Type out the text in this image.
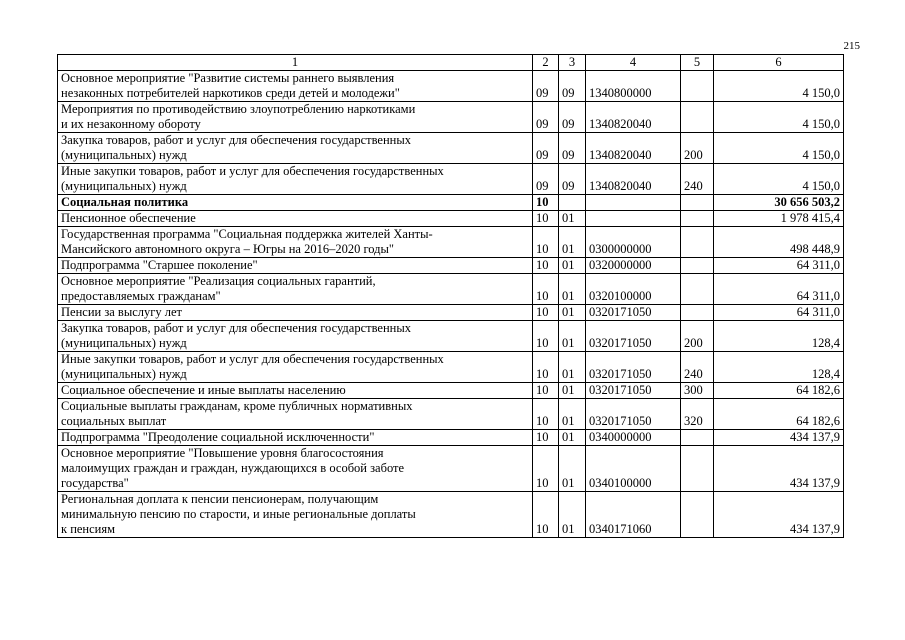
215
1	2	3	4	5	6

Основное мероприятие "Развитие системы раннего выявления
незаконных потребителей наркотиков среди детей и молодежи"	09	09	1340800000		4 150,0

Мероприятия по противодействию злоупотреблению наркотиками
и их незаконному обороту	09	09	1340820040		4 150,0

Закупка товаров, работ и услуг для обеспечения государственных
(муниципальных) нужд	09	09	1340820040	200	4 150,0

Иные закупки товаров, работ и услуг для обеспечения государственных
(муниципальных) нужд	09	09	1340820040	240	4 150,0

Социальная политика	10				30 656 503,2

Пенсионное обеспечение	10	01			1 978 415,4

Государственная программа "Социальная поддержка жителей Ханты-
Мансийского автономного округа – Югры на 2016–2020 годы"	10	01	0300000000		498 448,9

Подпрограмма "Старшее поколение"	10	01	0320000000		64 311,0

Основное мероприятие "Реализация социальных гарантий,
предоставляемых гражданам"	10	01	0320100000		64 311,0

Пенсии за выслугу лет	10	01	0320171050		64 311,0

Закупка товаров, работ и услуг для обеспечения государственных
(муниципальных) нужд	10	01	0320171050	200	128,4

Иные закупки товаров, работ и услуг для обеспечения государственных
(муниципальных) нужд	10	01	0320171050	240	128,4

Социальное обеспечение и иные выплаты населению	10	01	0320171050	300	64 182,6

Социальные выплаты гражданам, кроме публичных нормативных
социальных выплат	10	01	0320171050	320	64 182,6

Подпрограмма "Преодоление социальной исключенности"	10	01	0340000000		434 137,9

Основное мероприятие "Повышение уровня благосостояния
малоимущих граждан и граждан, нуждающихся в особой заботе
государства"	10	01	0340100000		434 137,9

Региональная доплата к пенсии пенсионерам, получающим
минимальную пенсию по старости, и иные региональные доплаты
к пенсиям	10	01	0340171060		434 137,9
